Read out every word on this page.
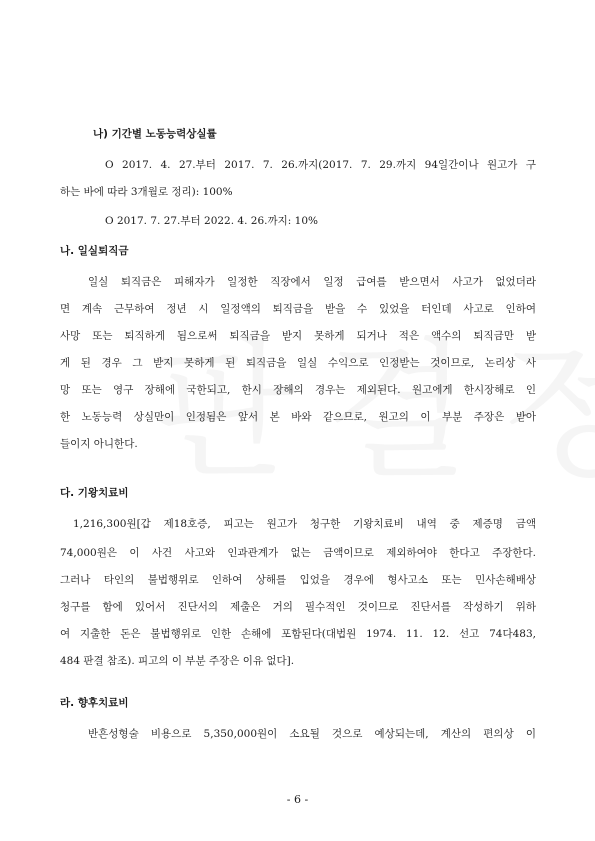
나) 기간별 노동능력상실률
O 2017. 4. 27.부터 2017. 7. 26.까지(2017. 7. 29.까지 94일간이나 원고가 구
하는 바에 따라 3개월로 정리): 100%
O 2017. 7. 27.부터 2022. 4. 26.까지: 10%
나. 일실퇴직금
일실 퇴직금은 피해자가 일정한 직장에서 일정 급여를 받으면서 사고가 없었더라
면 계속 근무하여 정년 시 일정액의 퇴직금을 받을 수 있었을 터인데 사고로 인하여
사망 또는 퇴직하게 됨으로써 퇴직금을 받지 못하게 되거나 적은 액수의 퇴직금만 받
게 된 경우 그 받지 못하게 된 퇴직금을 일실 수익으로 인정받는 것이므로, 논리상 사
망 또는 영구 장해에 국한되고, 한시 장해의 경우는 제외된다. 원고에게 한시장해로 인
한 노동능력 상실만이 인정됨은 앞서 본 바와 같으므로, 원고의 이 부분 주장은 받아
들이지 아니한다.
다. 기왕치료비
1,216,300원[갑 제18호증, 피고는 원고가 청구한 기왕치료비 내역 중 제증명 금액
74,000원은 이 사건 사고와 인과관계가 없는 금액이므로 제외하여야 한다고 주장한다.
그러나 타인의 불법행위로 인하여 상해를 입었을 경우에 형사고소 또는 민사손해배상
청구를 함에 있어서 진단서의 제출은 거의 필수적인 것이므로 진단서를 작성하기 위하
여 지출한 돈은 불법행위로 인한 손해에 포함된다(대법원 1974. 11. 12. 선고 74다483,
484 판결 참조). 피고의 이 부분 주장은 이유 없다].
라. 향후치료비
반흔성형술 비용으로 5,350,000원이 소요될 것으로 예상되는데, 계산의 편의상 이
- 6 -
